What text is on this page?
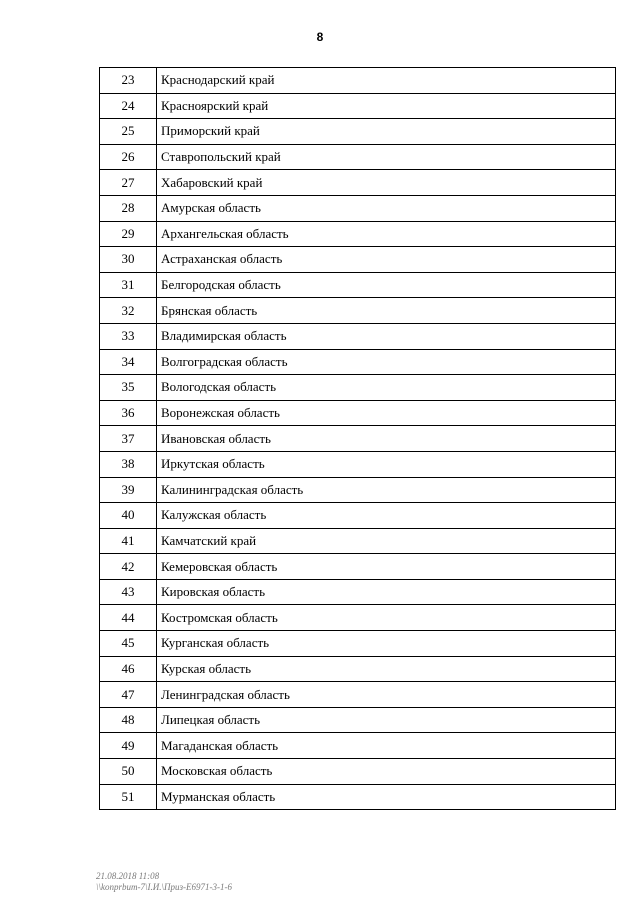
8
23	Краснодарский край
24	Красноярский край
25	Приморский край
26	Ставропольский край
27	Хабаровский край
28	Амурская область
29	Архангельская область
30	Астраханская область
31	Белгородская область
32	Брянская область
33	Владимирская область
34	Волгоградская область
35	Вологодская область
36	Воронежская область
37	Ивановская область
38	Иркутская область
39	Калининградская область
40	Калужская область
41	Камчатский край
42	Кемеровская область
43	Кировская область
44	Костромская область
45	Курганская область
46	Курская область
47	Ленинградская область
48	Липецкая область
49	Магаданская область
50	Московская область
51	Мурманская область
21.08.2018 11:08
\\konprbum-7\I.И.\Приз-E6971-3-1-6
